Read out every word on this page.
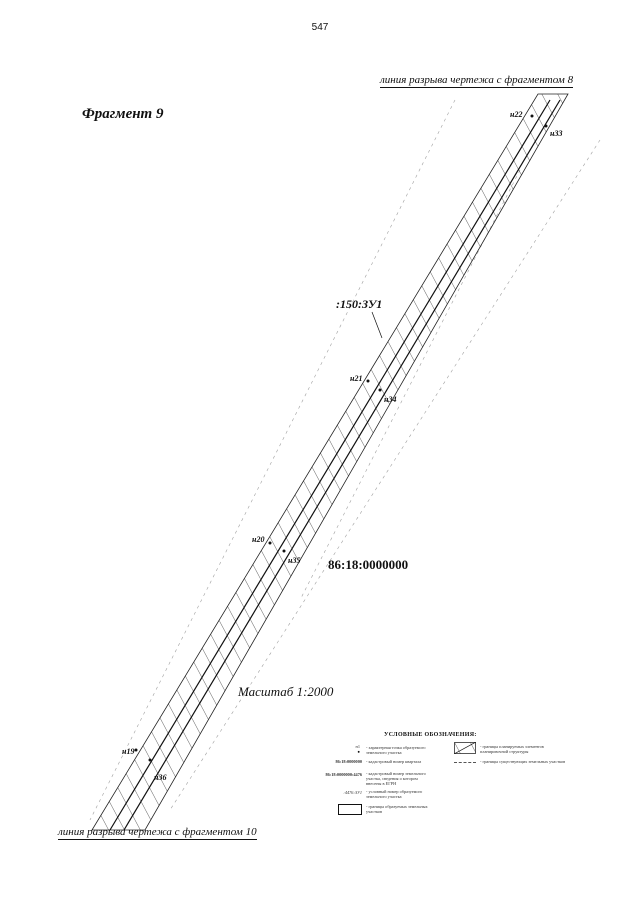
547
Фрагмент 9
линия разрыва чертежа с фрагментом 8
н22
н33
н21
н34
н20
н35
н19
н36
:150:ЗУ1
86:18:0000000
Масштаб 1:2000
линия разрыва чертежа с фрагментом 10
УСЛОВНЫЕ ОБОЗНАЧЕНИЯ:
н1
●
- характерная точка образуемого земельного участка
86:18:0000000 - кадастровый номер квартала
86:18:0000000:4476 - кадастровый номер земельного участка, сведения о котором внесены в ЕГРН
:4476:ЗУ1 - условный номер образуемого земельного участка
- границы образуемых земельных участков
- границы планируемых элементов планировочной структуры
- границы существующих земельных участков
